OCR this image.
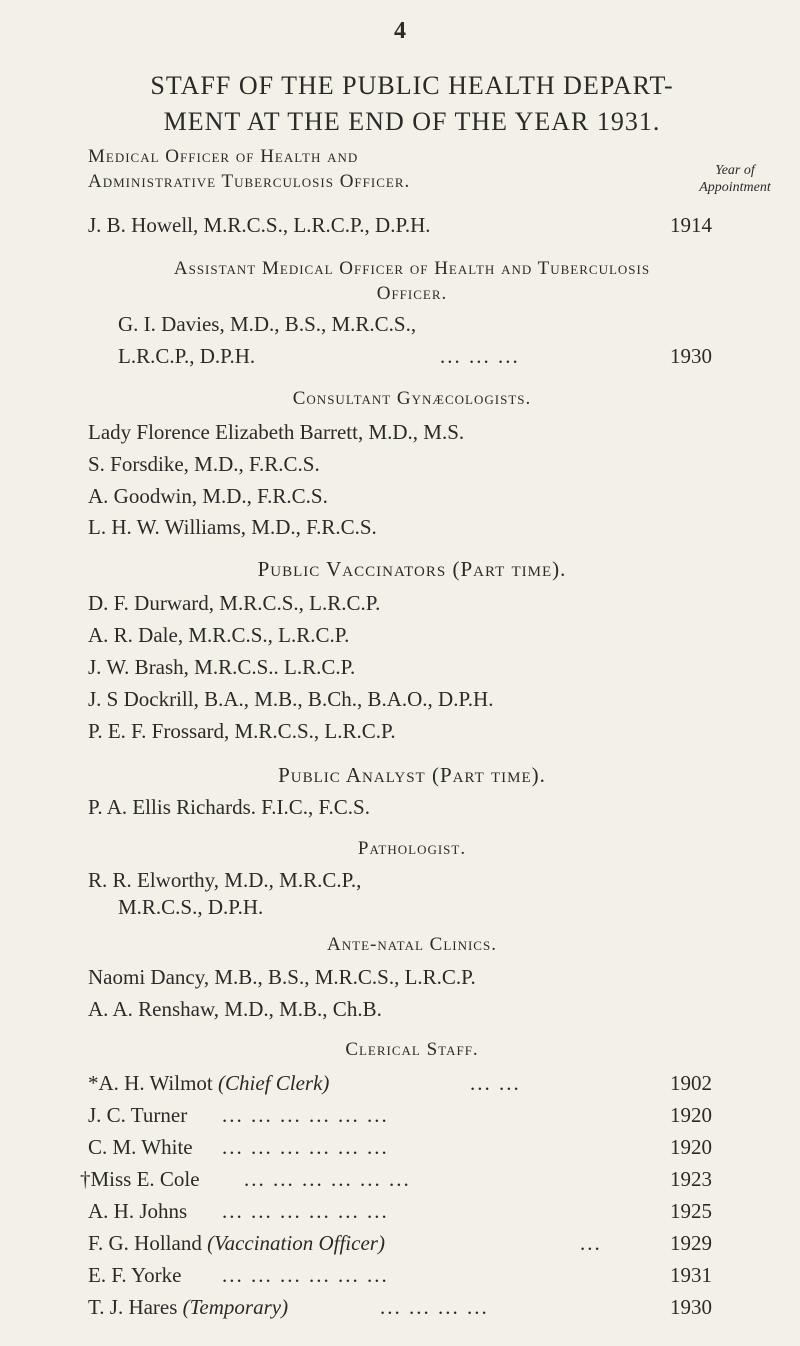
4
STAFF OF THE PUBLIC HEALTH DEPART-
MENT AT THE END OF THE YEAR 1931.
Medical Officer of Health and
Administrative Tuberculosis Officer.
Year of
Appointment
J. B. Howell, M.R.C.S., L.R.C.P., D.P.H.	1914
Assistant Medical Officer of Health and Tuberculosis
Officer.
G. I. Davies, M.D., B.S., M.R.C.S.,
L.R.C.P., D.P.H.	... ... ...	1930
Consultant Gynæcologists.
Lady Florence Elizabeth Barrett, M.D., M.S.
S. Forsdike, M.D., F.R.C.S.
A. Goodwin, M.D., F.R.C.S.
L. H. W. Williams, M.D., F.R.C.S.
Public Vaccinators (Part time).
D. F. Durward, M.R.C.S., L.R.C.P.
A. R. Dale, M.R.C.S., L.R.C.P.
J. W. Brash, M.R.C.S.. L.R.C.P.
J. S Dockrill, B.A., M.B., B.Ch., B.A.O., D.P.H.
P. E. F. Frossard, M.R.C.S., L.R.C.P.
Public Analyst (Part time).
P. A. Ellis Richards. F.I.C., F.C.S.
Pathologist.
R. R. Elworthy, M.D., M.R.C.P.,
M.R.C.S., D.P.H.
Ante-natal Clinics.
Naomi Dancy, M.B., B.S., M.R.C.S., L.R.C.P.
A. A. Renshaw, M.D., M.B., Ch.B.
Clerical Staff.
*A. H. Wilmot (Chief Clerk)	... ...	1902
J. C. Turner ... ... ... ... ... ...	1920
C. M. White ... ... ... ... ... ...	1920
†Miss E. Cole ... ... ... ... ... ...	1923
A. H. Johns ... ... ... ... ... ...	1925
F. G. Holland (Vaccination Officer)	...	1929
E. F. Yorke ... ... ... ... ... ...	1931
T. J. Hares (Temporary)	... ... ... ...	1930
